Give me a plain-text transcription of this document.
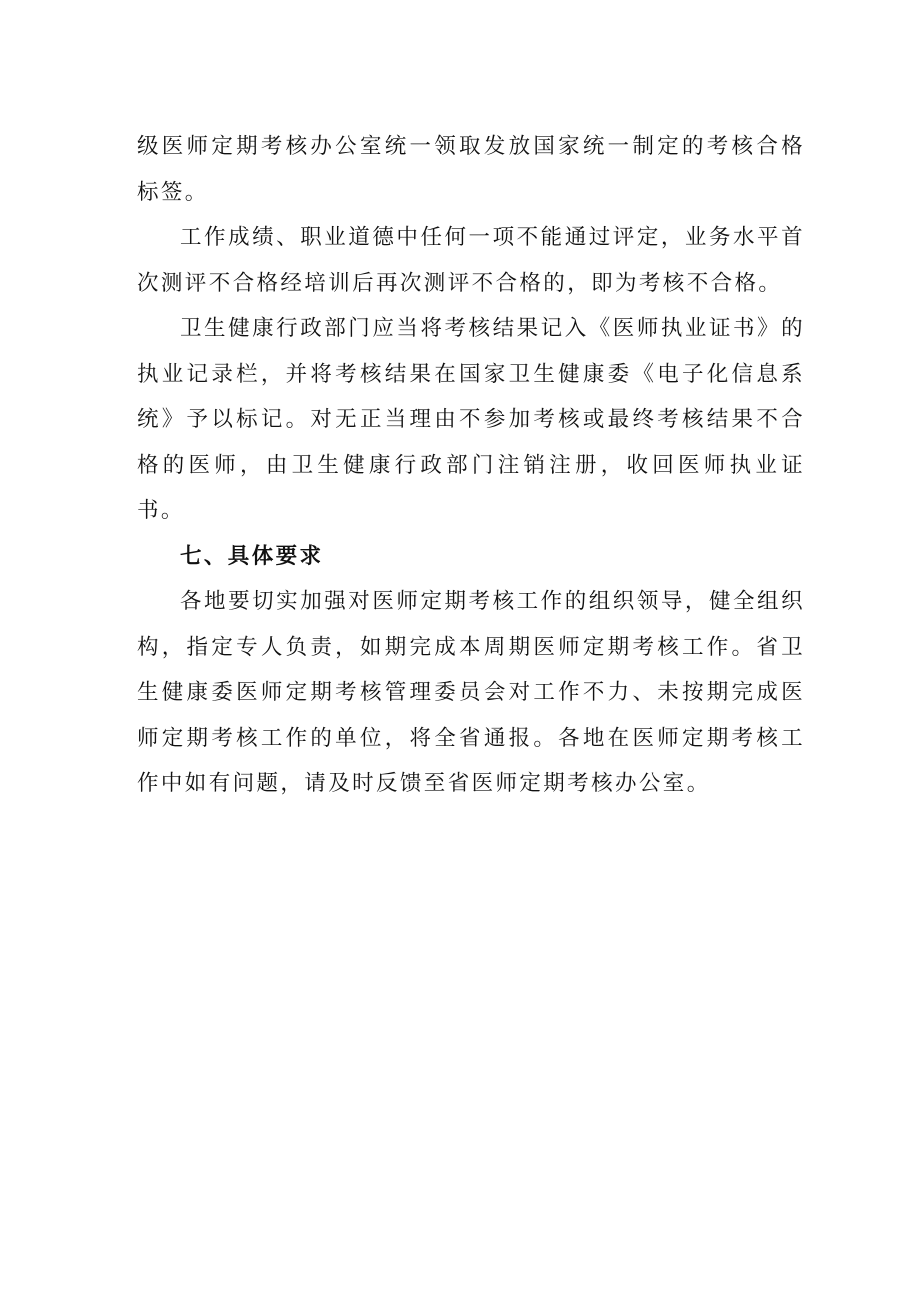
级医师定期考核办公室统一领取发放国家统一制定的考核合格标签。

工作成绩、职业道德中任何一项不能通过评定，业务水平首次测评不合格经培训后再次测评不合格的，即为考核不合格。

卫生健康行政部门应当将考核结果记入《医师执业证书》的执业记录栏，并将考核结果在国家卫生健康委《电子化信息系统》予以标记。对无正当理由不参加考核或最终考核结果不合格的医师，由卫生健康行政部门注销注册，收回医师执业证书。

七、具体要求

各地要切实加强对医师定期考核工作的组织领导，健全组织构，指定专人负责，如期完成本周期医师定期考核工作。省卫生健康委医师定期考核管理委员会对工作不力、未按期完成医师定期考核工作的单位，将全省通报。各地在医师定期考核工作中如有问题，请及时反馈至省医师定期考核办公室。
